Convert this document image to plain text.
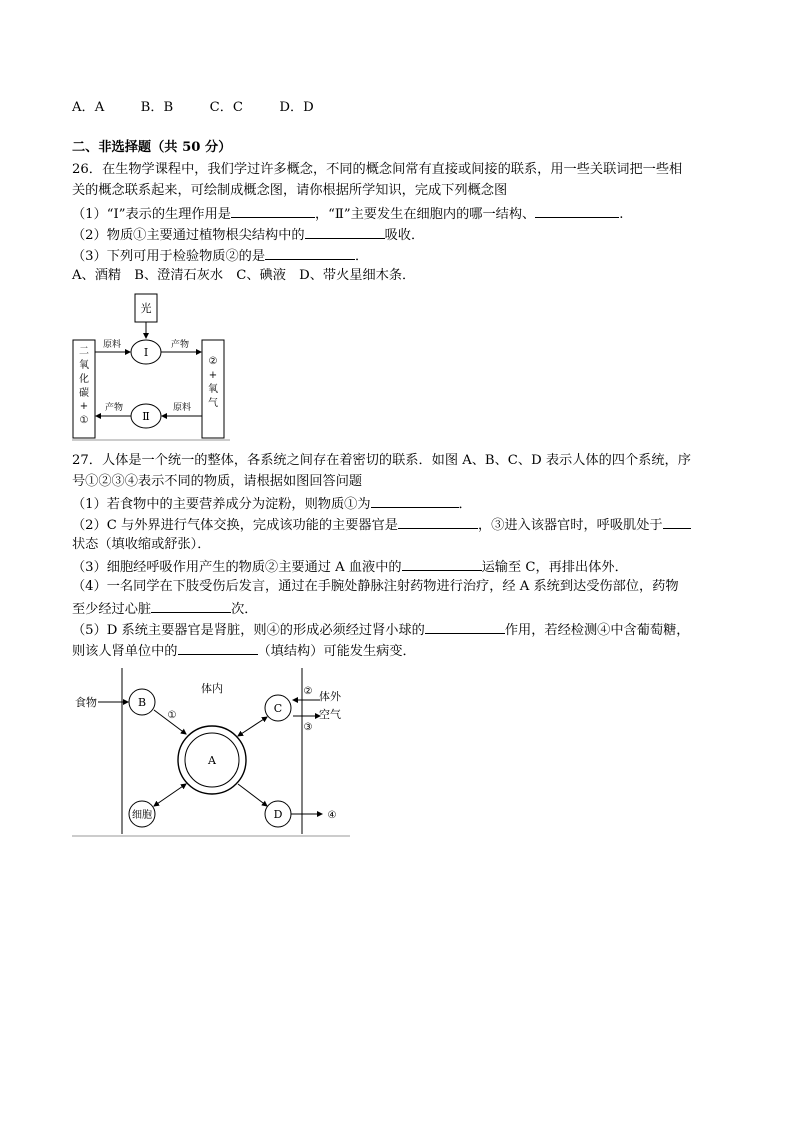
A．A	B．B	C．C	D．D
二、非选择题（共 50 分）
26．在生物学课程中，我们学过许多概念，不同的概念间常有直接或间接的联系，用一些关联词把一些相
关的概念联系起来，可绘制成概念图，请你根据所学知识，完成下列概念图
（1）“Ⅰ”表示的生理作用是	，“Ⅱ”主要发生在细胞内的哪一结构、	.
（2）物质①主要通过植物根尖结构中的	吸收．
（3）下列可用于检验物质②的是	．
A、酒精　B、澄清石灰水　C、碘液　D、带火星细木条．
光
Ⅰ
Ⅱ
原料	产物
原料
产物
二
氧
化
碳
+
①
②
+
氧
气
27．人体是一个统一的整体，各系统之间存在着密切的联系．如图 A、B、C、D 表示人体的四个系统，序
号①②③④表示不同的物质，请根据如图回答问题
（1）若食物中的主要营养成分为淀粉，则物质①为	．
（2）C 与外界进行气体交换，完成该功能的主要器官是	，③进入该器官时，呼吸肌处于
状态（填收缩或舒张）．
（3）细胞经呼吸作用产生的物质②主要通过 A 血液中的	运输至 C，再排出体外．
（4）一名同学在下肢受伤后发言，通过在手腕处静脉注射药物进行治疗，经 A 系统到达受伤部位，药物
至少经过心脏	次．
（5）D 系统主要器官是肾脏，则④的形成必须经过肾小球的	作用，若经检测④中含葡萄糖，
则该人肾单位中的	（填结构）可能发生病变．
食物
体内
体外
空气
B
A
①
C
②
③
细胞	D	④
